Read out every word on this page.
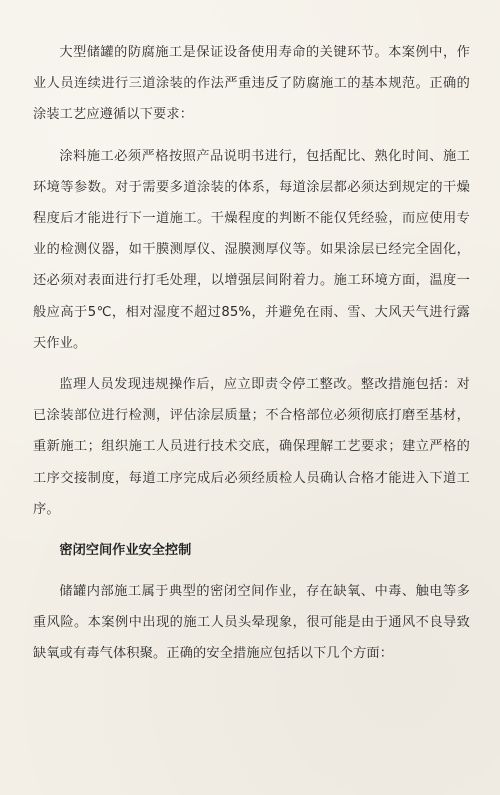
大型储罐的防腐施工是保证设备使用寿命的关键环节。本案例中，作业人员连续进行三道涂装的作法严重违反了防腐施工的基本规范。正确的涂装工艺应遵循以下要求：

涂料施工必须严格按照产品说明书进行，包括配比、熟化时间、施工环境等参数。对于需要多道涂装的体系，每道涂层都必须达到规定的干燥程度后才能进行下一道施工。干燥程度的判断不能仅凭经验，而应使用专业的检测仪器，如干膜测厚仪、湿膜测厚仪等。如果涂层已经完全固化，还必须对表面进行打毛处理，以增强层间附着力。施工环境方面，温度一般应高于5℃，相对湿度不超过85%，并避免在雨、雪、大风天气进行露天作业。

监理人员发现违规操作后，应立即责令停工整改。整改措施包括：对已涂装部位进行检测，评估涂层质量；不合格部位必须彻底打磨至基材，重新施工；组织施工人员进行技术交底，确保理解工艺要求；建立严格的工序交接制度，每道工序完成后必须经质检人员确认合格才能进入下道工序。

密闭空间作业安全控制

储罐内部施工属于典型的密闭空间作业，存在缺氧、中毒、触电等多重风险。本案例中出现的施工人员头晕现象，很可能是由于通风不良导致缺氧或有毒气体积聚。正确的安全措施应包括以下几个方面：
